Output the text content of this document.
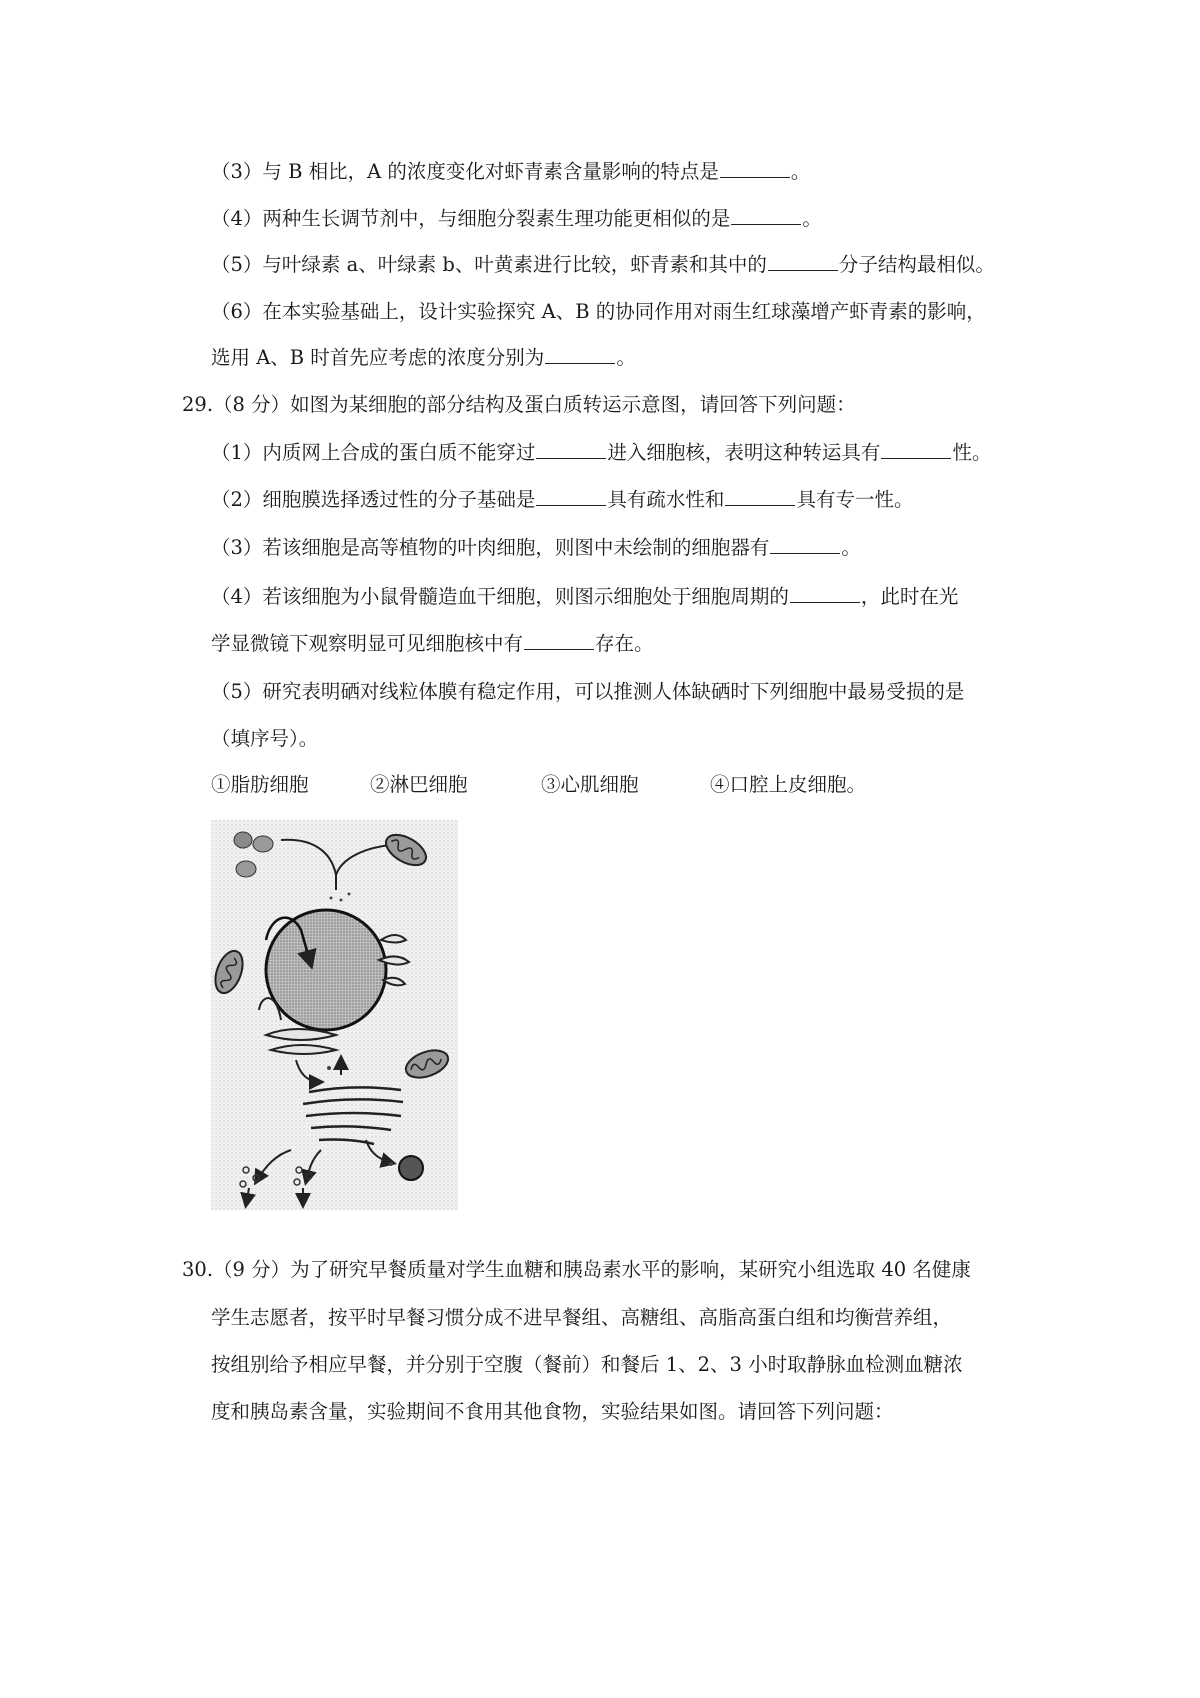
（3）与 B 相比，A 的浓度变化对虾青素含量影响的特点是	。
（4）两种生长调节剂中，与细胞分裂素生理功能更相似的是	。
（5）与叶绿素 a、叶绿素 b、叶黄素进行比较，虾青素和其中的	分子结构最相似。
（6）在本实验基础上，设计实验探究 A、B 的协同作用对雨生红球藻增产虾青素的影响，
选用 A、B 时首先应考虑的浓度分别为	。
29.（8 分）如图为某细胞的部分结构及蛋白质转运示意图，请回答下列问题：
（1）内质网上合成的蛋白质不能穿过	进入细胞核，表明这种转运具有	性。
（2）细胞膜选择透过性的分子基础是	具有疏水性和	具有专一性。
（3）若该细胞是高等植物的叶肉细胞，则图中未绘制的细胞器有	。
（4）若该细胞为小鼠骨髓造血干细胞，则图示细胞处于细胞周期的	，此时在光
学显微镜下观察明显可见细胞核中有	存在。
（5）研究表明硒对线粒体膜有稳定作用，可以推测人体缺硒时下列细胞中最易受损的是
（填序号）。
①脂肪细胞	②淋巴细胞	③心肌细胞	④口腔上皮细胞。
30.（9 分）为了研究早餐质量对学生血糖和胰岛素水平的影响，某研究小组选取 40 名健康
学生志愿者，按平时早餐习惯分成不进早餐组、高糖组、高脂高蛋白组和均衡营养组，
按组别给予相应早餐，并分别于空腹（餐前）和餐后 1、2、3 小时取静脉血检测血糖浓
度和胰岛素含量，实验期间不食用其他食物，实验结果如图。请回答下列问题：
